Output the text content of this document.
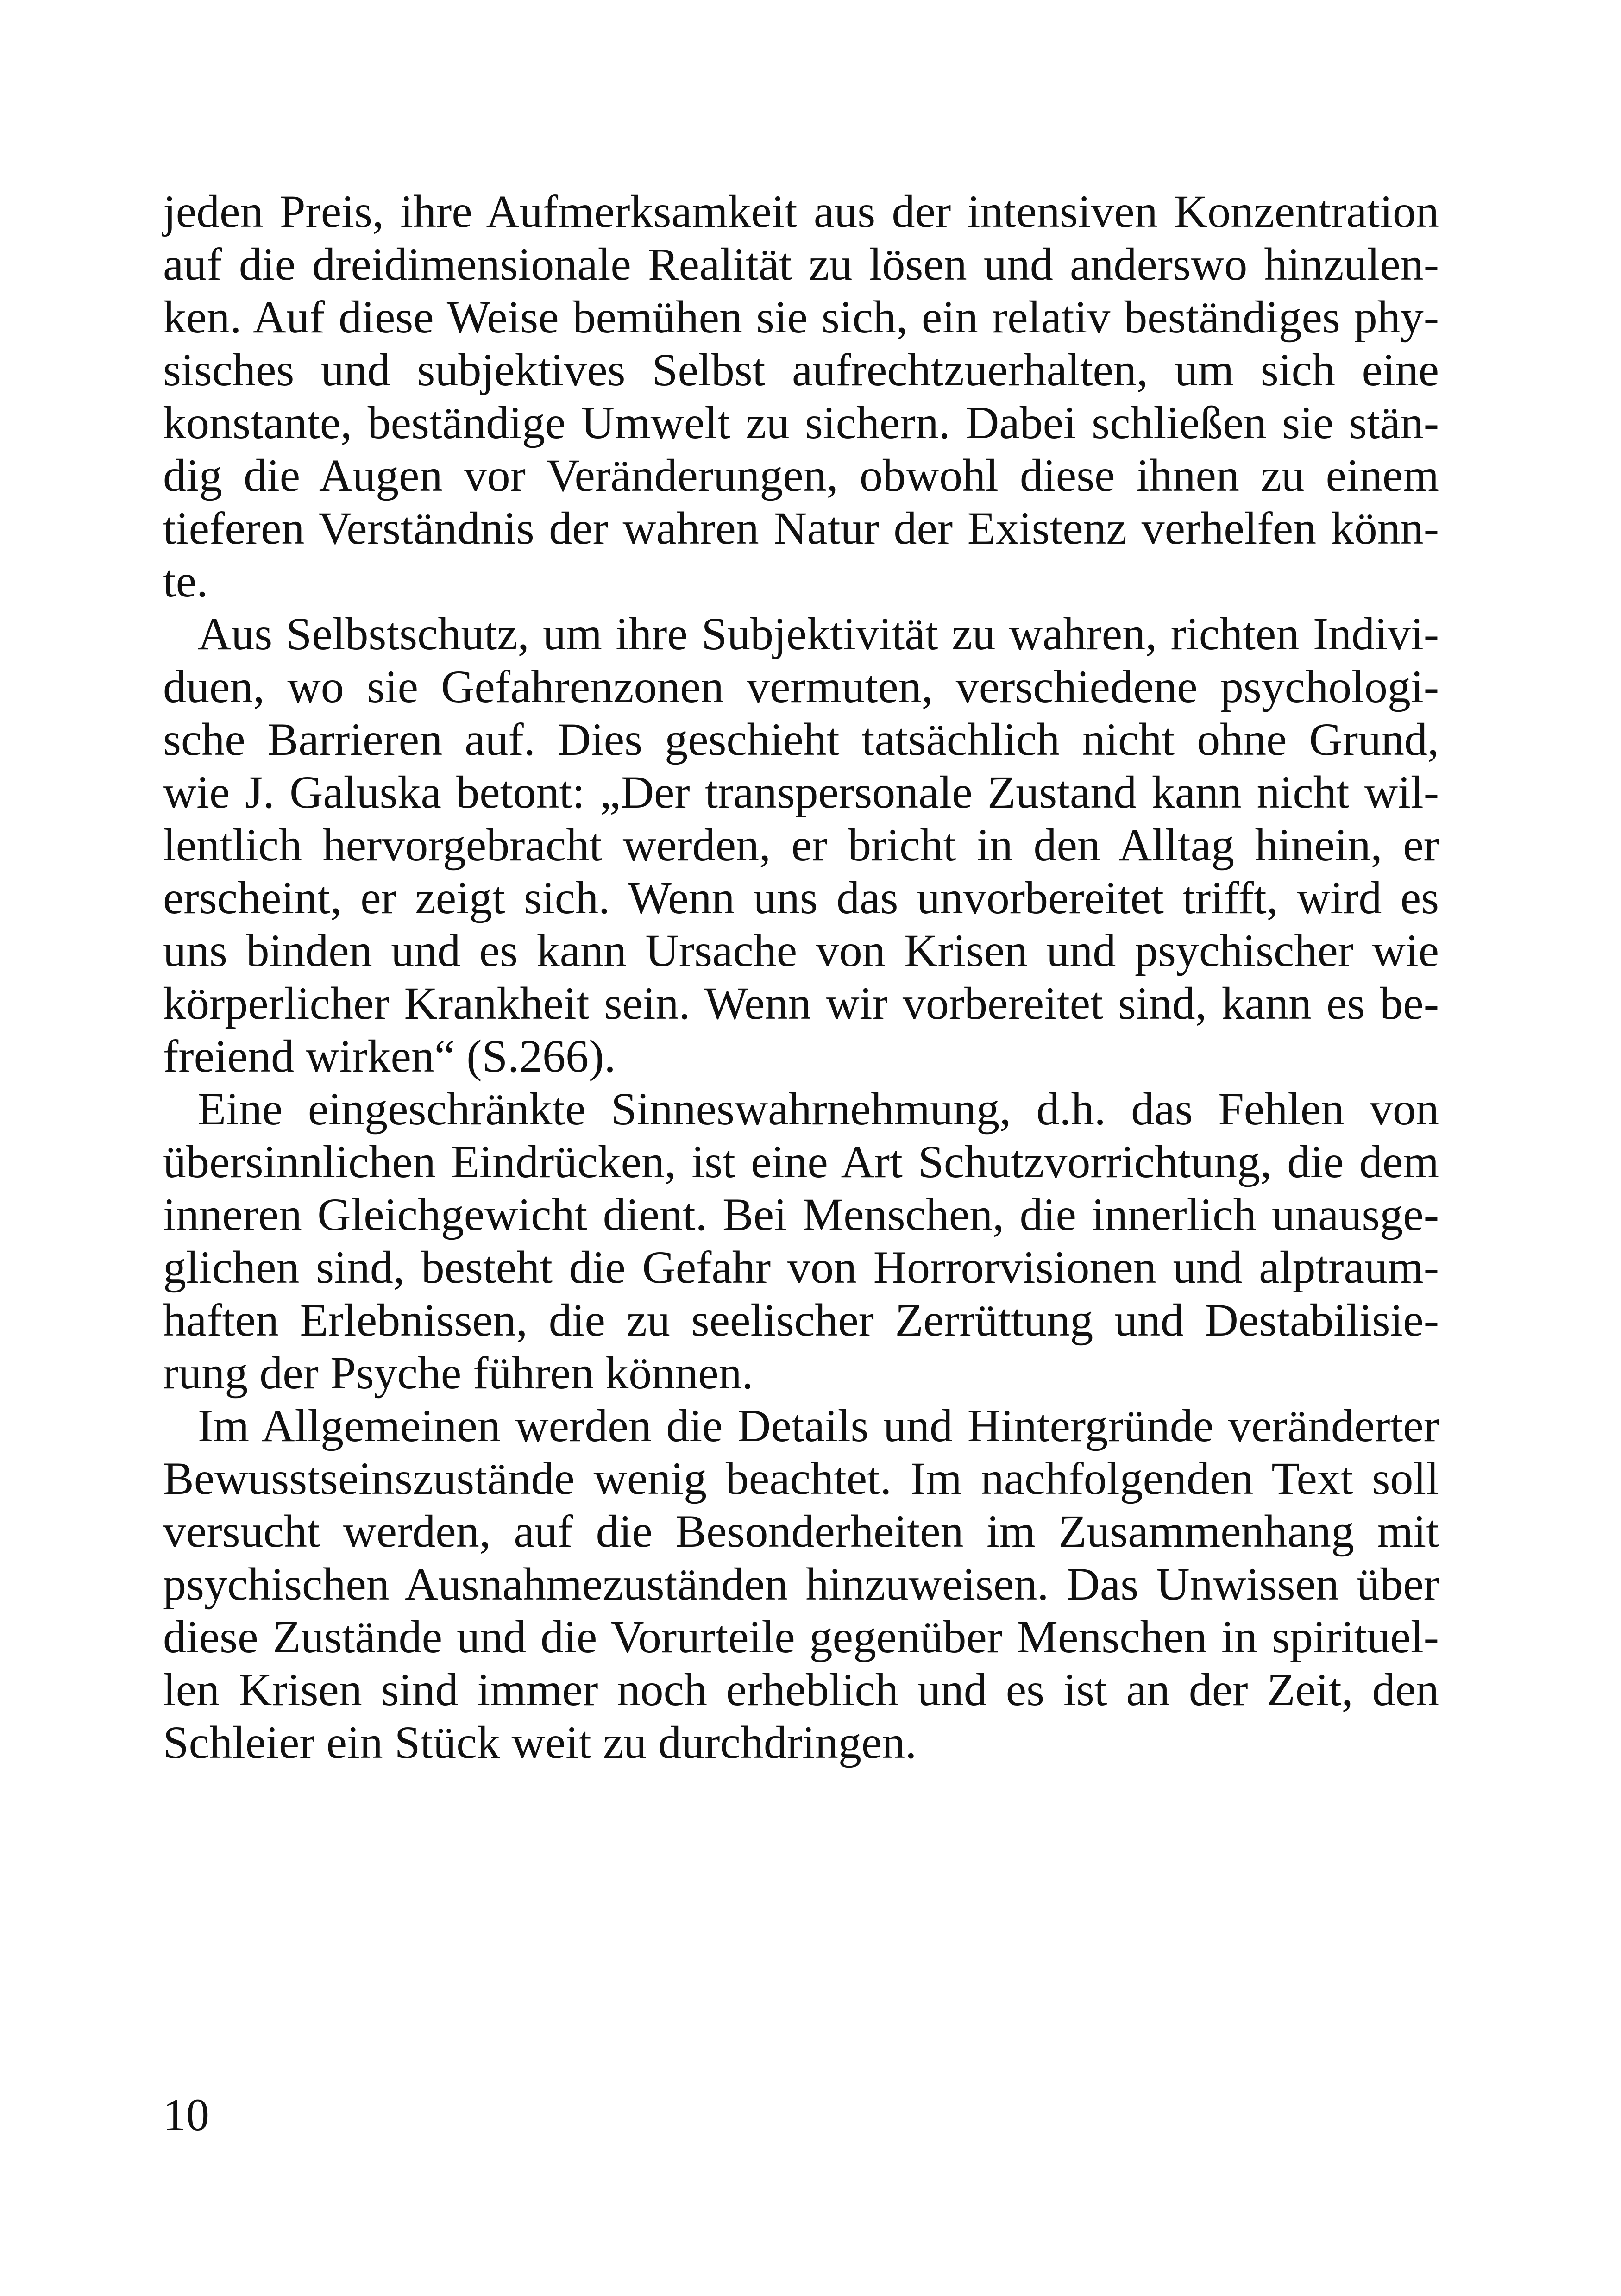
jeden Preis, ihre Aufmerksamkeit aus der intensiven Konzentration
auf die dreidimensionale Realität zu lösen und anderswo hinzulen-
ken. Auf diese Weise bemühen sie sich, ein relativ beständiges phy-
sisches und subjektives Selbst aufrechtzuerhalten, um sich eine
konstante, beständige Umwelt zu sichern. Dabei schließen sie stän-
dig die Augen vor Veränderungen, obwohl diese ihnen zu einem
tieferen Verständnis der wahren Natur der Existenz verhelfen könn-
te.
Aus Selbstschutz, um ihre Subjektivität zu wahren, richten Indivi-
duen, wo sie Gefahrenzonen vermuten, verschiedene psychologi-
sche Barrieren auf. Dies geschieht tatsächlich nicht ohne Grund,
wie J. Galuska betont: „Der transpersonale Zustand kann nicht wil-
lentlich hervorgebracht werden, er bricht in den Alltag hinein, er
erscheint, er zeigt sich. Wenn uns das unvorbereitet trifft, wird es
uns binden und es kann Ursache von Krisen und psychischer wie
körperlicher Krankheit sein. Wenn wir vorbereitet sind, kann es be-
freiend wirken“ (S.266).
Eine eingeschränkte Sinneswahrnehmung, d.h. das Fehlen von
übersinnlichen Eindrücken, ist eine Art Schutzvorrichtung, die dem
inneren Gleichgewicht dient. Bei Menschen, die innerlich unausge-
glichen sind, besteht die Gefahr von Horrorvisionen und alptraum-
haften Erlebnissen, die zu seelischer Zerrüttung und Destabilisie-
rung der Psyche führen können.
Im Allgemeinen werden die Details und Hintergründe veränderter
Bewusstseinszustände wenig beachtet. Im nachfolgenden Text soll
versucht werden, auf die Besonderheiten im Zusammenhang mit
psychischen Ausnahmezuständen hinzuweisen. Das Unwissen über
diese Zustände und die Vorurteile gegenüber Menschen in spirituel-
len Krisen sind immer noch erheblich und es ist an der Zeit, den
Schleier ein Stück weit zu durchdringen.
10
